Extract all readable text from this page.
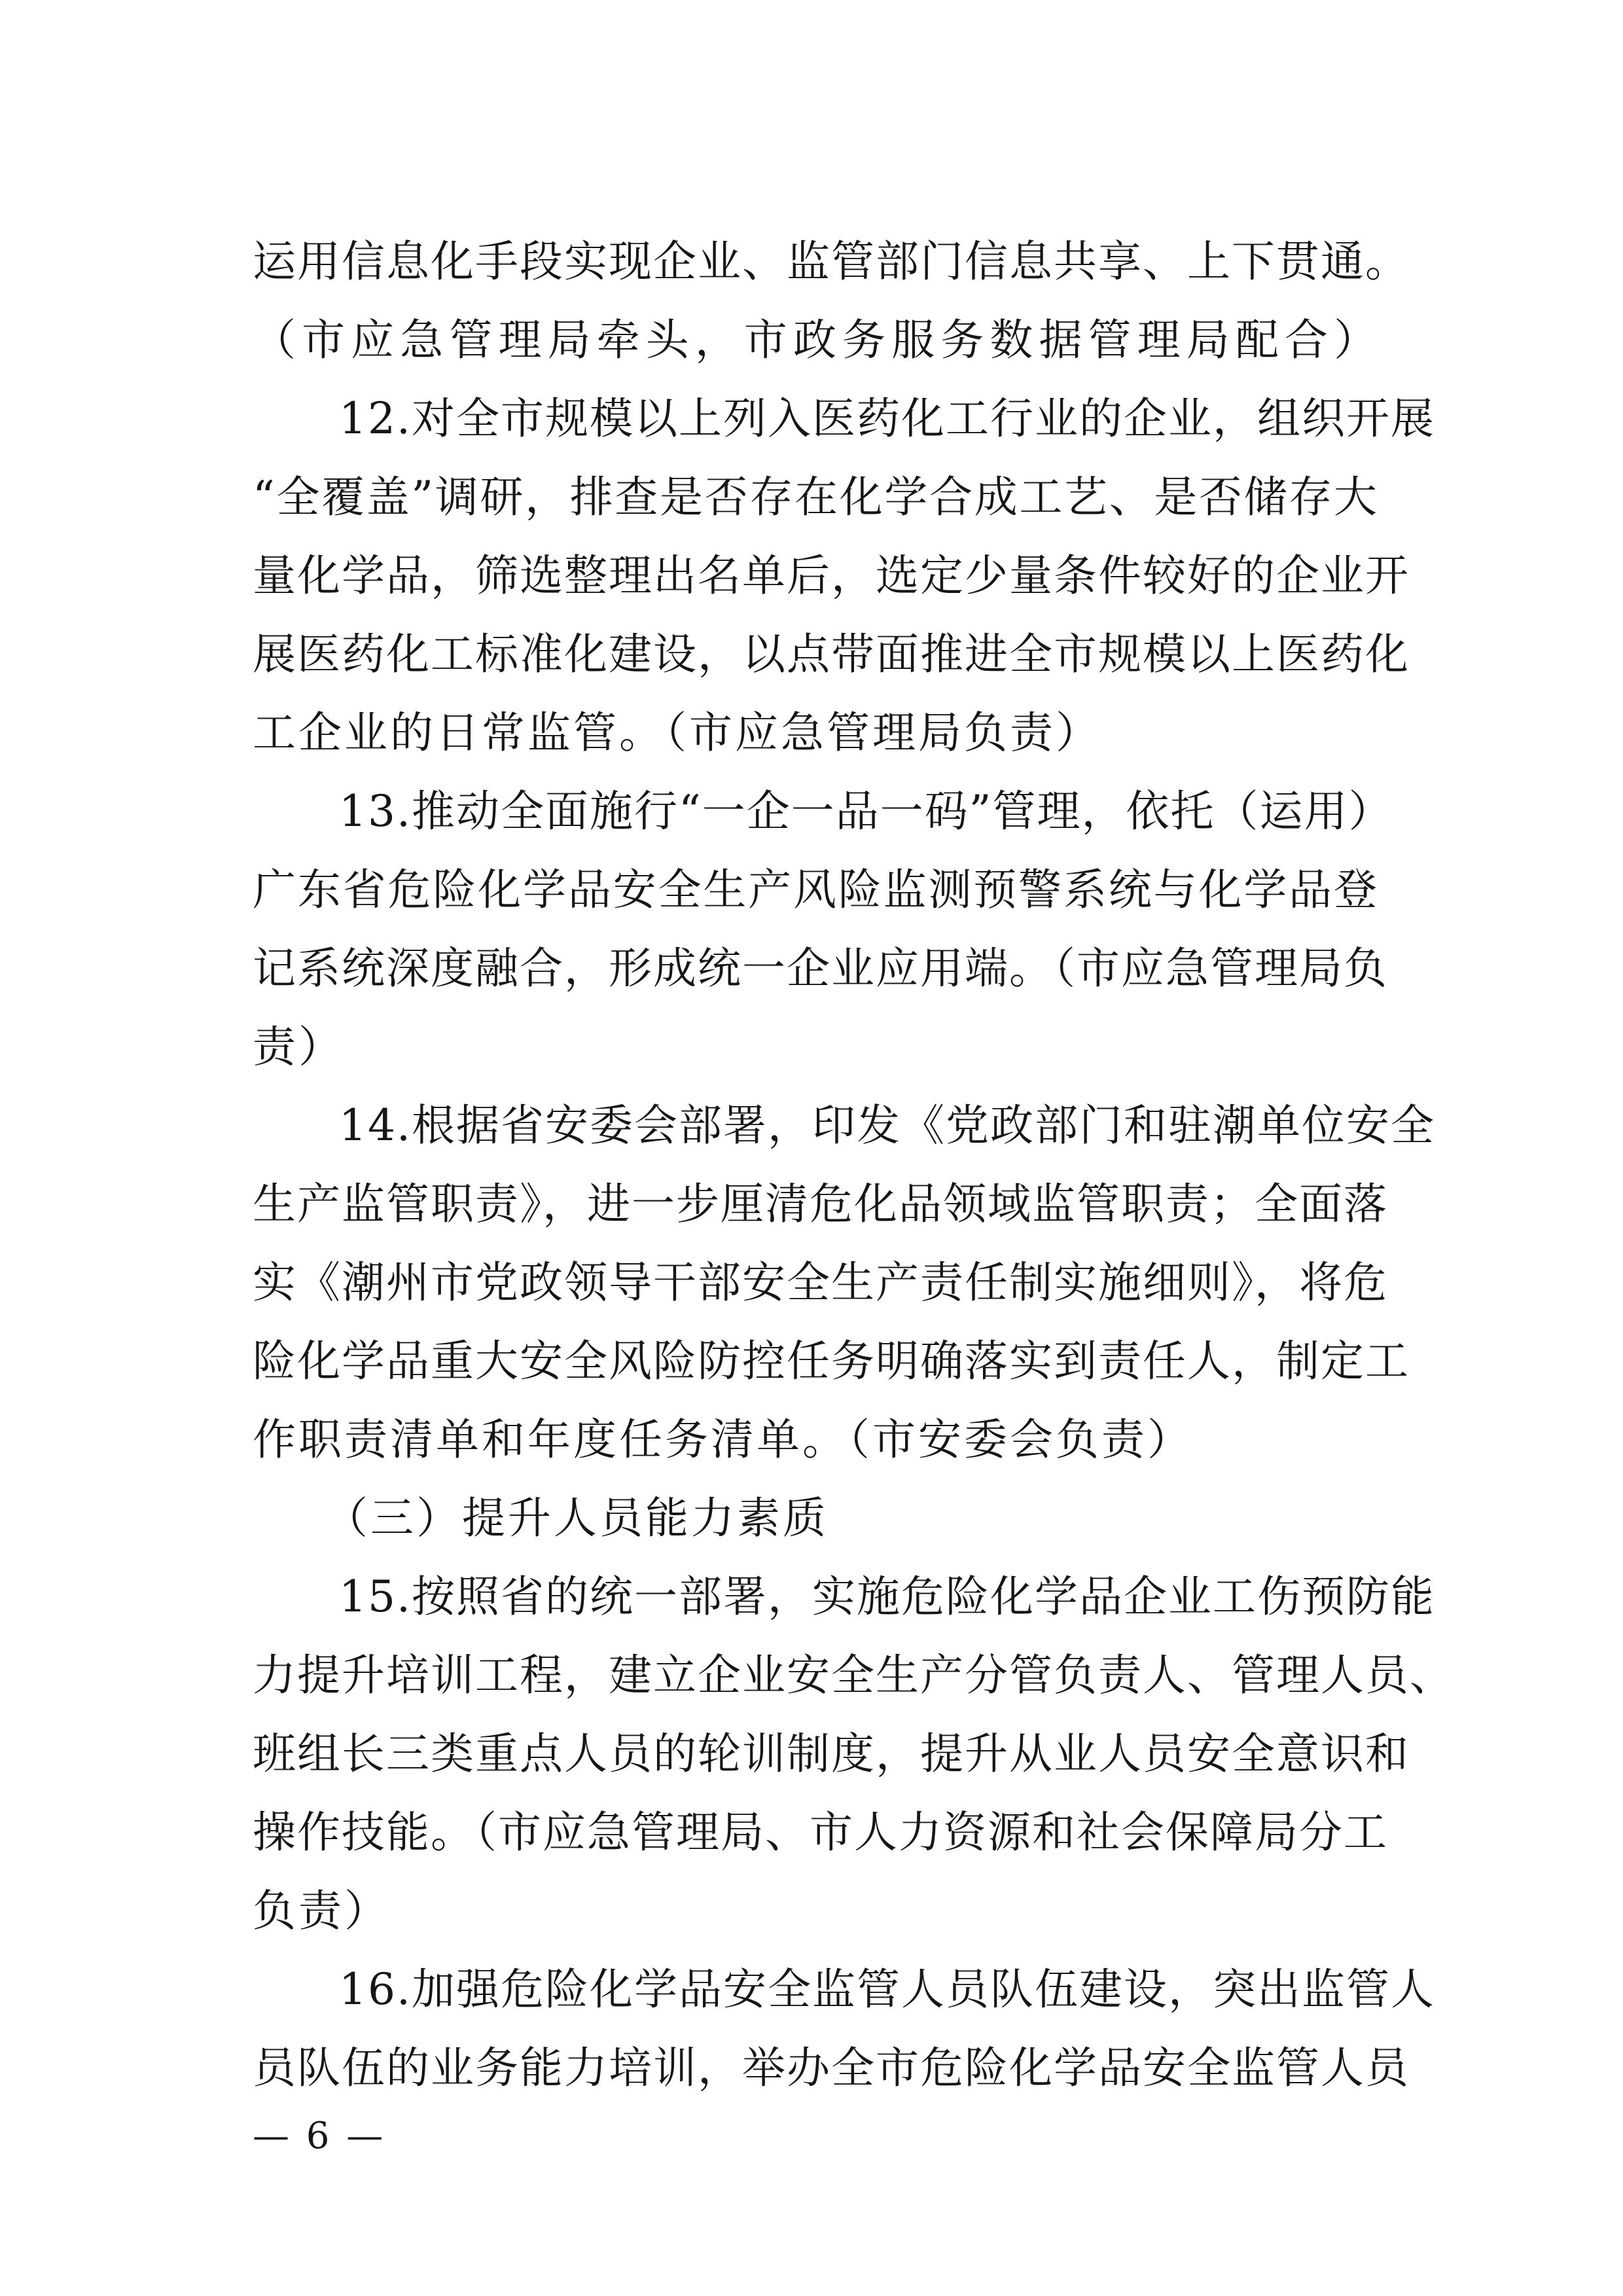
运用信息化手段实现企业、监管部门信息共享、上下贯通。
（市应急管理局牵头，市政务服务数据管理局配合）
12.对全市规模以上列入医药化工行业的企业，组织开展
“全覆盖”调研，排查是否存在化学合成工艺、是否储存大
量化学品，筛选整理出名单后，选定少量条件较好的企业开
展医药化工标准化建设，以点带面推进全市规模以上医药化
工企业的日常监管。（市应急管理局负责）
13.推动全面施行“一企一品一码”管理，依托（运用）
广东省危险化学品安全生产风险监测预警系统与化学品登
记系统深度融合，形成统一企业应用端。（市应急管理局负
责）
14.根据省安委会部署，印发《党政部门和驻潮单位安全
生产监管职责》，进一步厘清危化品领域监管职责；全面落
实《潮州市党政领导干部安全生产责任制实施细则》，将危
险化学品重大安全风险防控任务明确落实到责任人，制定工
作职责清单和年度任务清单。（市安委会负责）
（三）提升人员能力素质
15.按照省的统一部署，实施危险化学品企业工伤预防能
力提升培训工程，建立企业安全生产分管负责人、管理人员、
班组长三类重点人员的轮训制度，提升从业人员安全意识和
操作技能。（市应急管理局、市人力资源和社会保障局分工
负责）
16.加强危险化学品安全监管人员队伍建设，突出监管人
员队伍的业务能力培训，举办全市危险化学品安全监管人员
— 6 —
